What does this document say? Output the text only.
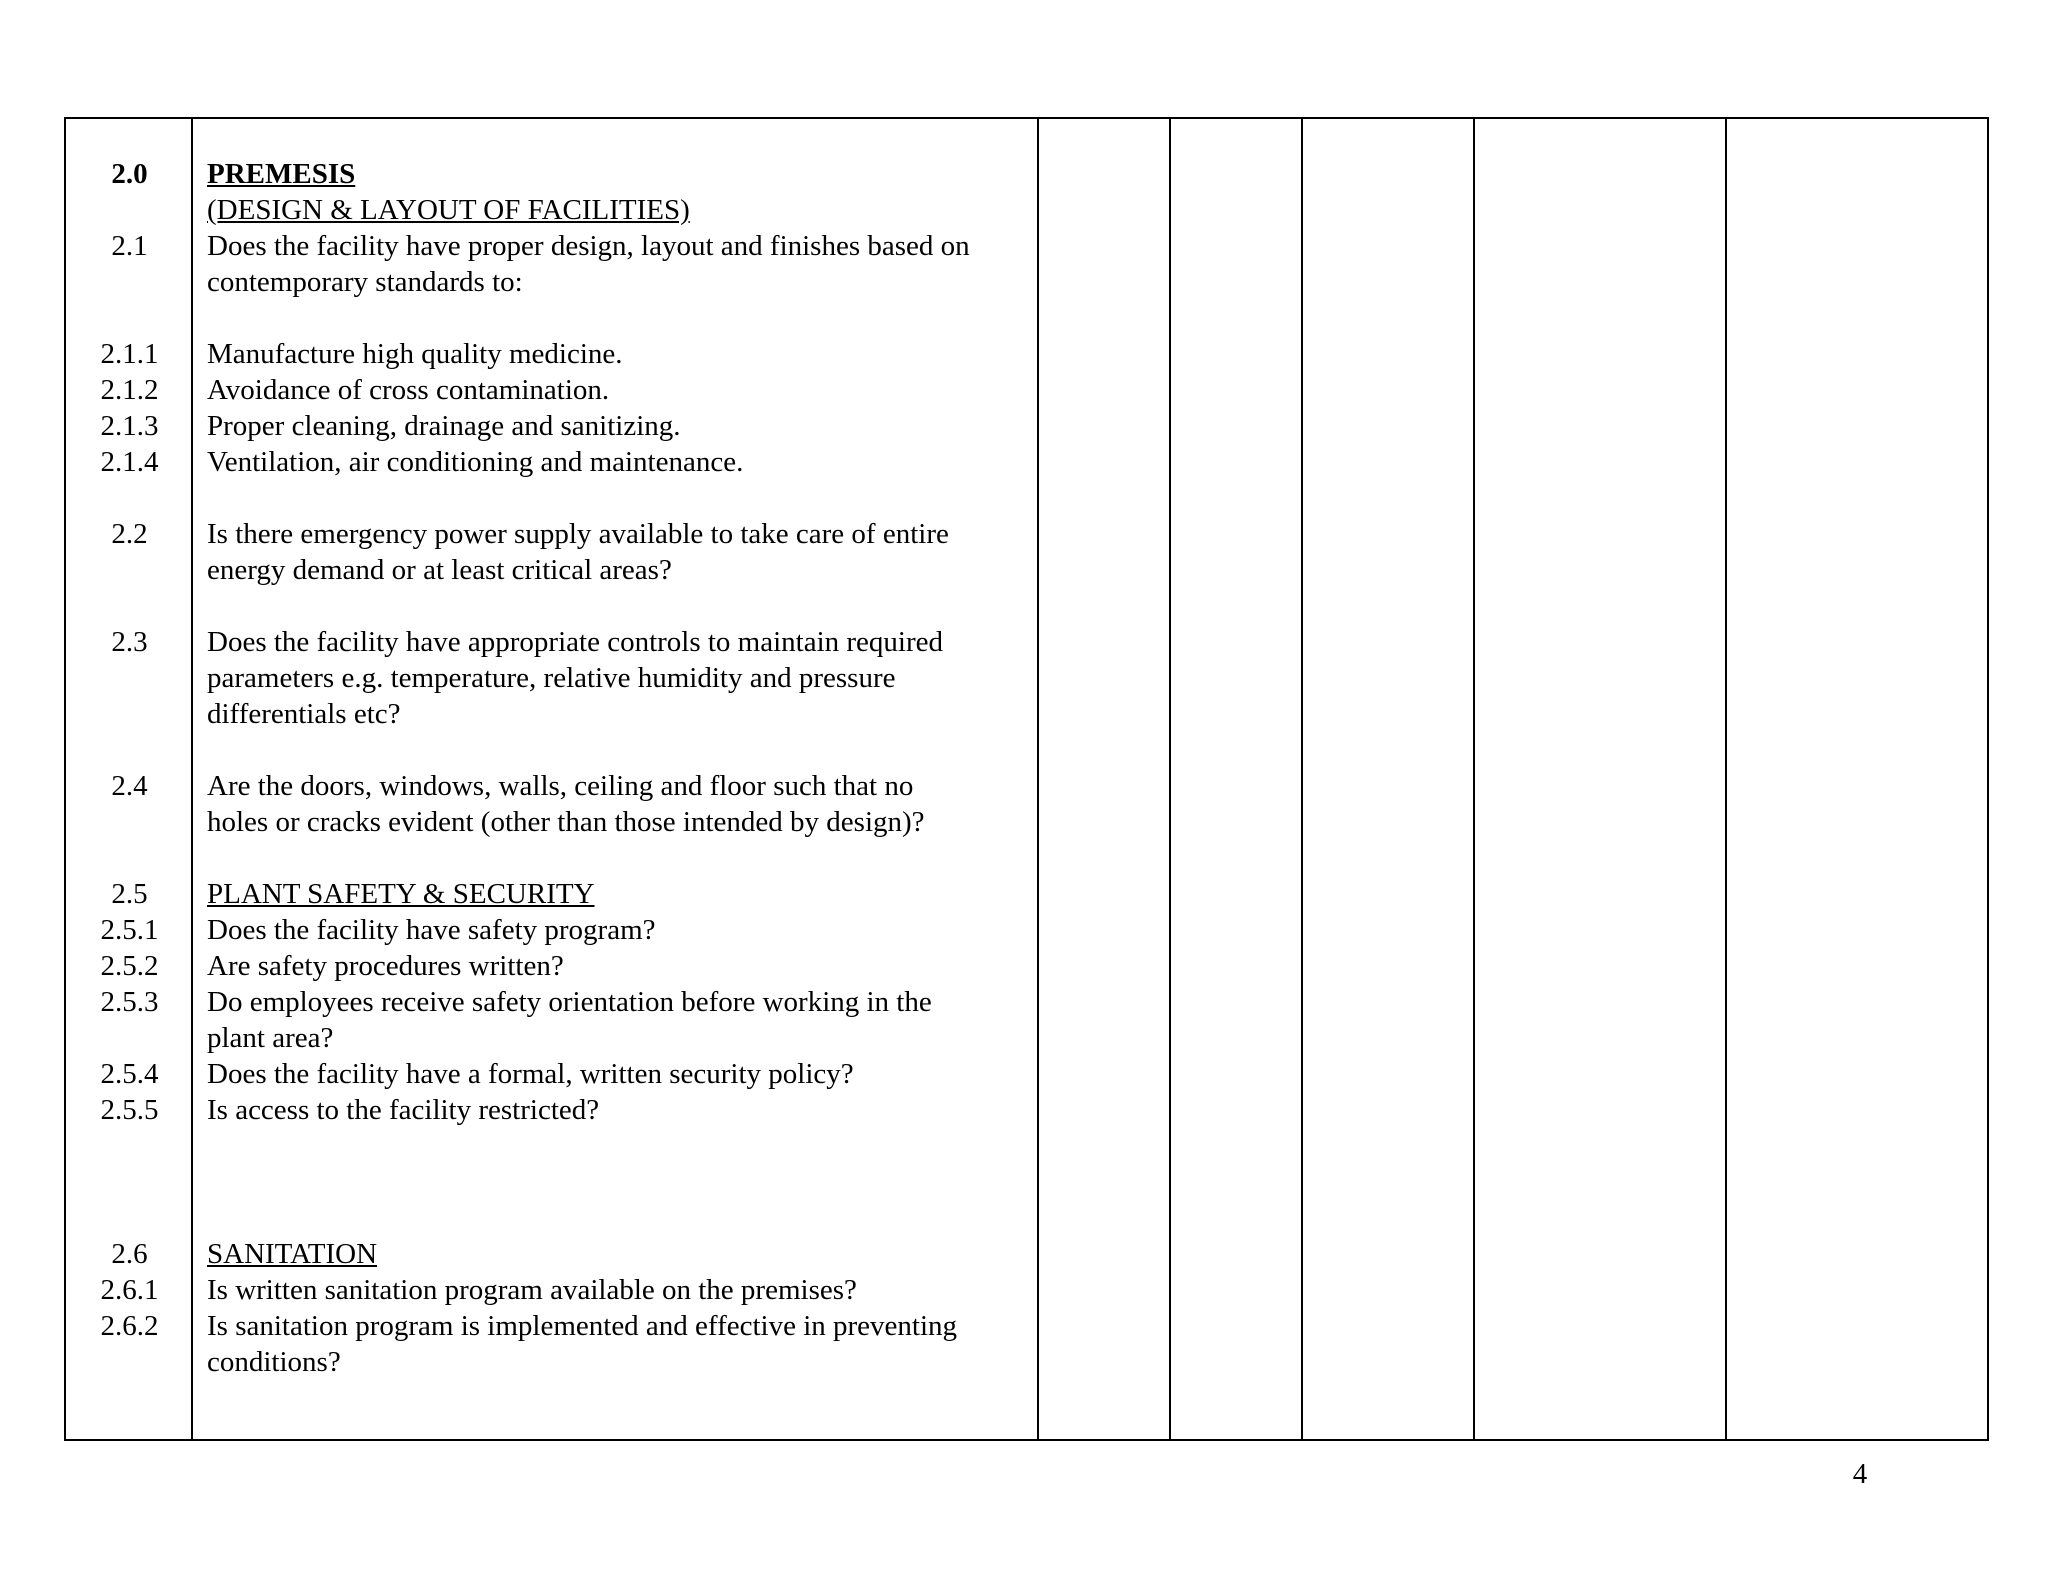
2.0	PREMESIS
(DESIGN & LAYOUT OF FACILITIES)
2.1	Does the facility have proper design, layout and finishes based on
contemporary standards to:
2.1.1	Manufacture high quality medicine.
2.1.2	Avoidance of cross contamination.
2.1.3	Proper cleaning, drainage and sanitizing.
2.1.4	Ventilation, air conditioning and maintenance.
2.2	Is there emergency power supply available to take care of entire
energy demand or at least critical areas?
2.3	Does the facility have appropriate controls to maintain required
parameters e.g. temperature, relative humidity and pressure
differentials etc?
2.4	Are the doors, windows, walls, ceiling and floor such that no
holes or cracks evident (other than those intended by design)?
2.5	PLANT SAFETY & SECURITY
2.5.1	Does the facility have safety program?
2.5.2	Are safety procedures written?
2.5.3	Do employees receive safety orientation before working in the
plant area?
2.5.4	Does the facility have a formal, written security policy?
2.5.5	Is access to the facility restricted?
2.6	SANITATION
2.6.1	Is written sanitation program available on the premises?
2.6.2	Is sanitation program is implemented and effective in preventing
conditions?
4
